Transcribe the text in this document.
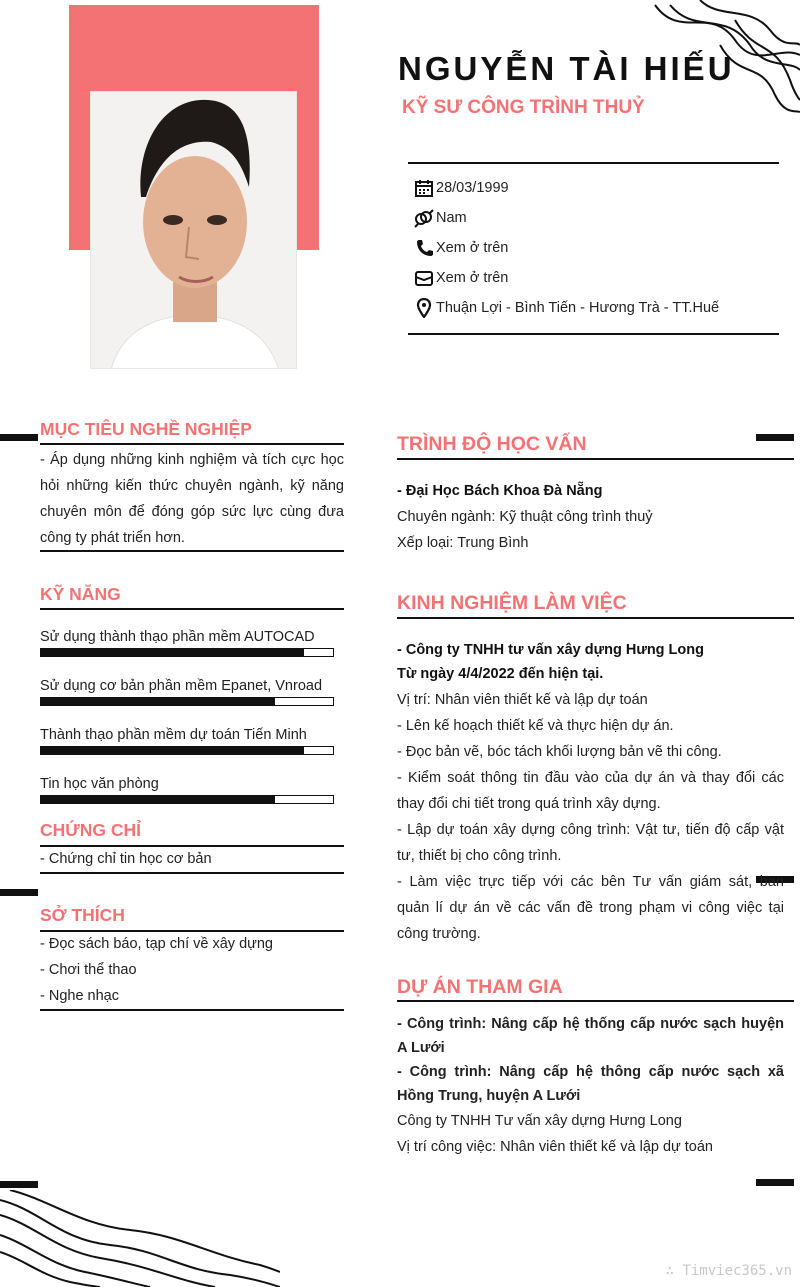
NGUYỄN TÀI HIẾU
KỸ SƯ CÔNG TRÌNH THUỶ
28/03/1999
Nam
Xem ở trên
Xem ở trên
Thuận Lợi - Bình Tiến - Hương Trà - TT.Huế
MỤC TIÊU NGHỀ NGHIỆP
- Áp dụng những kinh nghiệm và tích cực học
hỏi những kiến thức chuyên ngành, kỹ năng
chuyên môn để đóng góp sức lực cùng đưa
công ty phát triển hơn.
KỸ NĂNG
Sử dụng thành thạo phần mềm AUTOCAD
Sử dụng cơ bản phần mềm Epanet, Vnroad
Thành thạo phần mềm dự toán Tiến Minh
Tin học văn phòng
CHỨNG CHỈ
- Chứng chỉ tin học cơ bản
SỞ THÍCH
- Đọc sách báo, tạp chí về xây dựng
- Chơi thể thao
- Nghe nhạc
TRÌNH ĐỘ HỌC VẤN
- Đại Học Bách Khoa Đà Nẵng
Chuyên ngành: Kỹ thuật công trình thuỷ
Xếp loại: Trung Bình
KINH NGHIỆM LÀM VIỆC
- Công ty TNHH tư vấn xây dựng Hưng Long
Từ ngày 4/4/2022 đến hiện tại.
Vị trí: Nhân viên thiết kế và lập dự toán
- Lên kế hoạch thiết kế và thực hiện dự án.
- Đọc bản vẽ, bóc tách khối lượng bản vẽ thi công.
- Kiểm soát thông tin đầu vào của dự án và thay đổi các
thay đổi chi tiết trong quá trình xây dựng.
- Lập dự toán xây dựng công trình: Vật tư, tiến độ cấp vật
tư, thiết bị cho công trình.
- Làm việc trực tiếp với các bên Tư vấn giám sát, ban
quản lí dự án về các vấn đề trong phạm vi công việc tại
công trường.
DỰ ÁN THAM GIA
- Công trình: Nâng cấp hệ thống cấp nước sạch huyện
A Lưới
- Công trình: Nâng cấp hệ thông cấp nước sạch xã
Hồng Trung, huyện A Lưới
Công ty TNHH Tư vấn xây dựng Hưng Long
Vị trí công việc: Nhân viên thiết kế và lập dự toán
∴ Timviec365.vn
